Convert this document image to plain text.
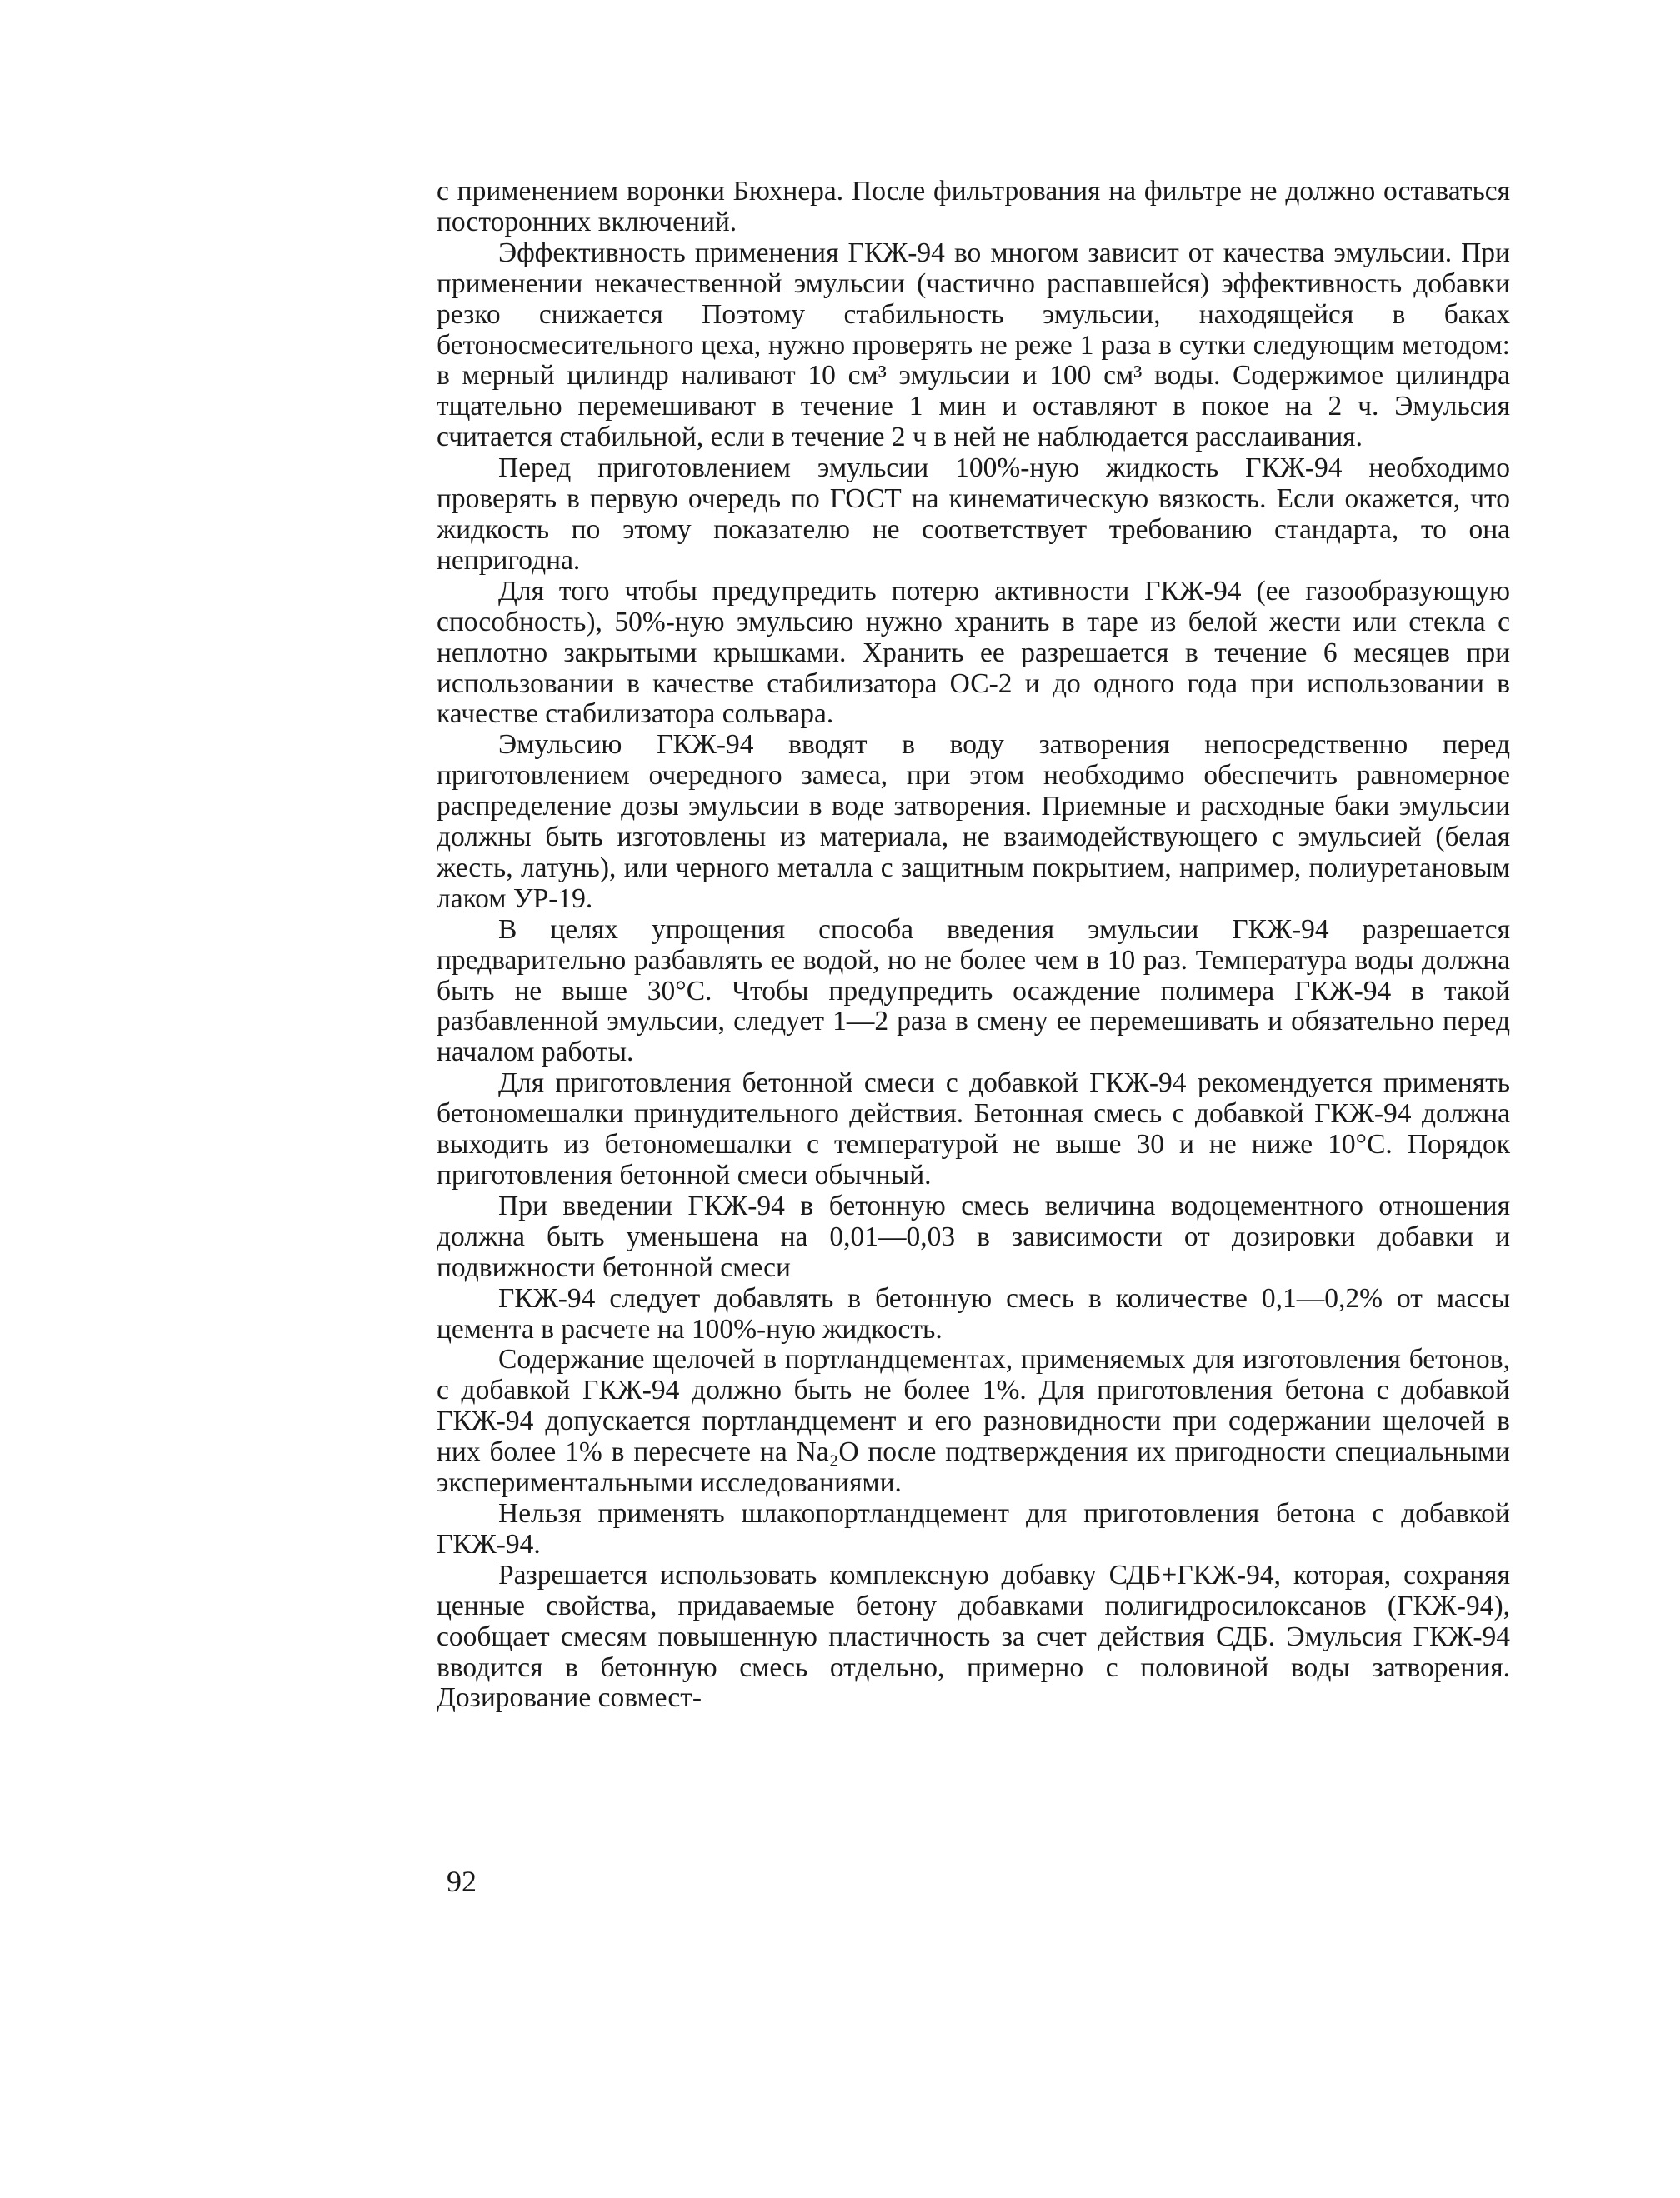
с применением воронки Бюхнера. После фильтрования на фильтре не должно оставаться посторонних включений.

Эффективность применения ГКЖ-94 во многом зависит от качества эмульсии. При применении некачественной эмульсии (частично распавшейся) эффективность добавки резко снижается Поэтому стабильность эмульсии, находящейся в баках бетоносмесительного цеха, нужно проверять не реже 1 раза в сутки следующим методом: в мерный цилиндр наливают 10 см³ эмульсии и 100 см³ воды. Содержимое цилиндра тщательно перемешивают в течение 1 мин и оставляют в покое на 2 ч. Эмульсия считается стабильной, если в течение 2 ч в ней не наблюдается расслаивания.

Перед приготовлением эмульсии 100%-ную жидкость ГКЖ-94 необходимо проверять в первую очередь по ГОСТ на кинематическую вязкость. Если окажется, что жидкость по этому показателю не соответствует требованию стандарта, то она непригодна.

Для того чтобы предупредить потерю активности ГКЖ-94 (ее газообразующую способность), 50%-ную эмульсию нужно хранить в таре из белой жести или стекла с неплотно закрытыми крышками. Хранить ее разрешается в течение 6 месяцев при использовании в качестве стабилизатора ОС-2 и до одного года при использовании в качестве стабилизатора сольвара.

Эмульсию ГКЖ-94 вводят в воду затворения непосредственно перед приготовлением очередного замеса, при этом необходимо обеспечить равномерное распределение дозы эмульсии в воде затворения. Приемные и расходные баки эмульсии должны быть изготовлены из материала, не взаимодействующего с эмульсией (белая жесть, латунь), или черного металла с защитным покрытием, например, полиуретановым лаком УР-19.

В целях упрощения способа введения эмульсии ГКЖ-94 разрешается предварительно разбавлять ее водой, но не более чем в 10 раз. Температура воды должна быть не выше 30°С. Чтобы предупредить осаждение полимера ГКЖ-94 в такой разбавленной эмульсии, следует 1—2 раза в смену ее перемешивать и обязательно перед началом работы.

Для приготовления бетонной смеси с добавкой ГКЖ-94 рекомендуется применять бетономешалки принудительного действия. Бетонная смесь с добавкой ГКЖ-94 должна выходить из бетономешалки с температурой не выше 30 и не ниже 10°С. Порядок приготовления бетонной смеси обычный.

При введении ГКЖ-94 в бетонную смесь величина водоцементного отношения должна быть уменьшена на 0,01—0,03 в зависимости от дозировки добавки и подвижности бетонной смеси

ГКЖ-94 следует добавлять в бетонную смесь в количестве 0,1—0,2% от массы цемента в расчете на 100%-ную жидкость.

Содержание щелочей в портландцементах, применяемых для изготовления бетонов, с добавкой ГКЖ-94 должно быть не более 1%. Для приготовления бетона с добавкой ГКЖ-94 допускается портландцемент и его разновидности при содержании щелочей в них более 1% в пересчете на Na₂O после подтверждения их пригодности специальными экспериментальными исследованиями.

Нельзя применять шлакопортландцемент для приготовления бетона с добавкой ГКЖ-94.

Разрешается использовать комплексную добавку СДБ+ГКЖ-94, которая, сохраняя ценные свойства, придаваемые бетону добавками полигидросилоксанов (ГКЖ-94), сообщает смесям повышенную пластичность за счет действия СДБ. Эмульсия ГКЖ-94 вводится в бетонную смесь отдельно, примерно с половиной воды затворения. Дозирование совмест-

92
